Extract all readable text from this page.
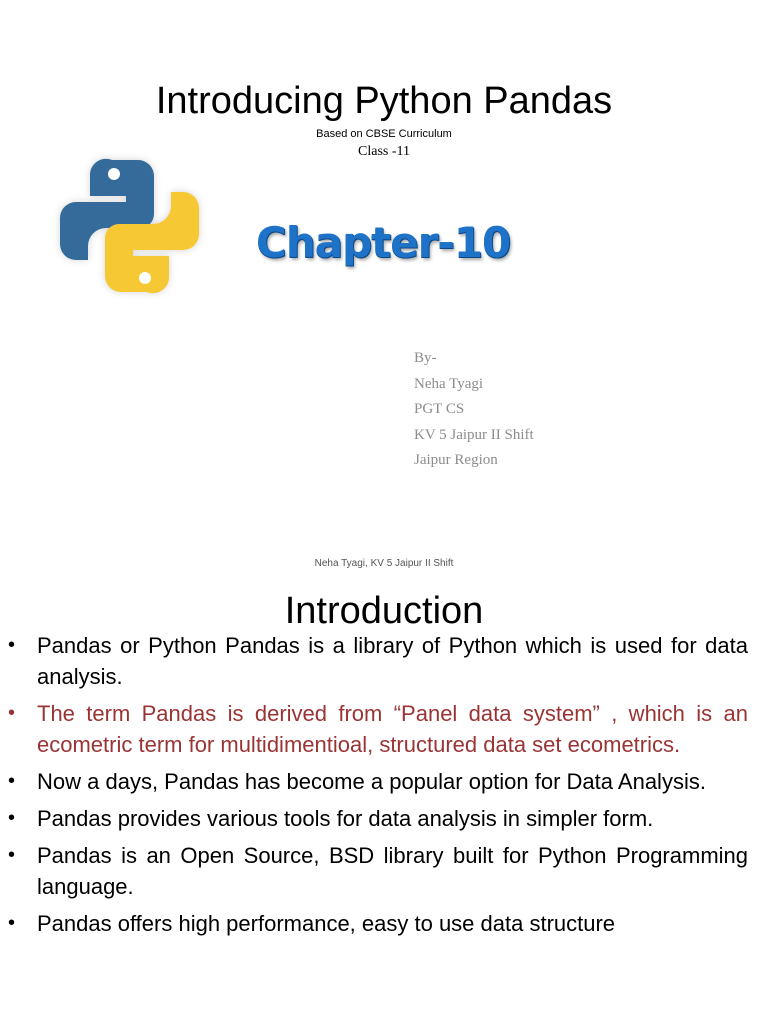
Introducing Python Pandas
Based on CBSE Curriculum
Class -11
Chapter-10
By-
Neha Tyagi
PGT CS
KV 5 Jaipur II Shift
Jaipur Region
Neha Tyagi, KV 5 Jaipur II Shift
Introduction
• Pandas or Python Pandas is a library of Python which is used for data analysis.
• The term Pandas is derived from “Panel data system” , which is an ecometric term for multidimentioal, structured data set ecometrics.
• Now a days, Pandas has become a popular option for Data Analysis.
• Pandas provides various tools for data analysis in simpler form.
• Pandas is an Open Source, BSD library built for Python Programming language.
• Pandas offers high performance, easy to use data structure
